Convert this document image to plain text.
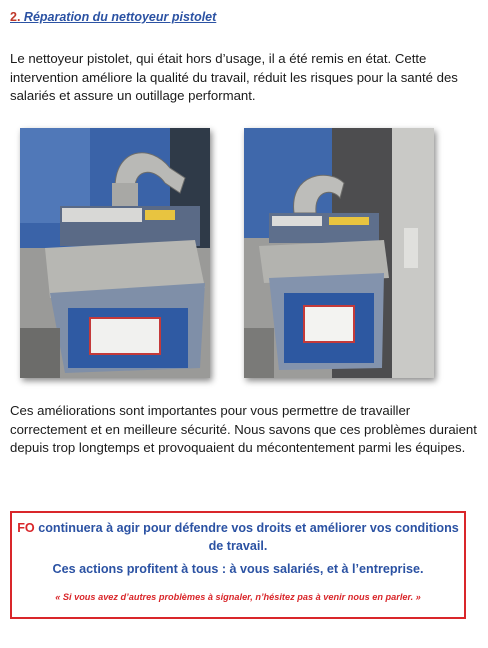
2. Réparation du nettoyeur pistolet
Le nettoyeur pistolet, qui était hors d’usage, il a été remis en état. Cette intervention améliore la qualité du travail, réduit les risques pour la santé des salariés et assure un outillage performant.
Ces améliorations sont importantes pour vous permettre de travailler correctement et en meilleure sécurité. Nous savons que ces problèmes duraient depuis trop longtemps et provoquaient du mécontentement parmi les équipes.
FO continuera à agir pour défendre vos droits et améliorer vos conditions de travail.
Ces actions profitent à tous : à vous salariés, et à l’entreprise.
« Si vous avez d’autres problèmes à signaler, n’hésitez pas à venir nous en parler. »
